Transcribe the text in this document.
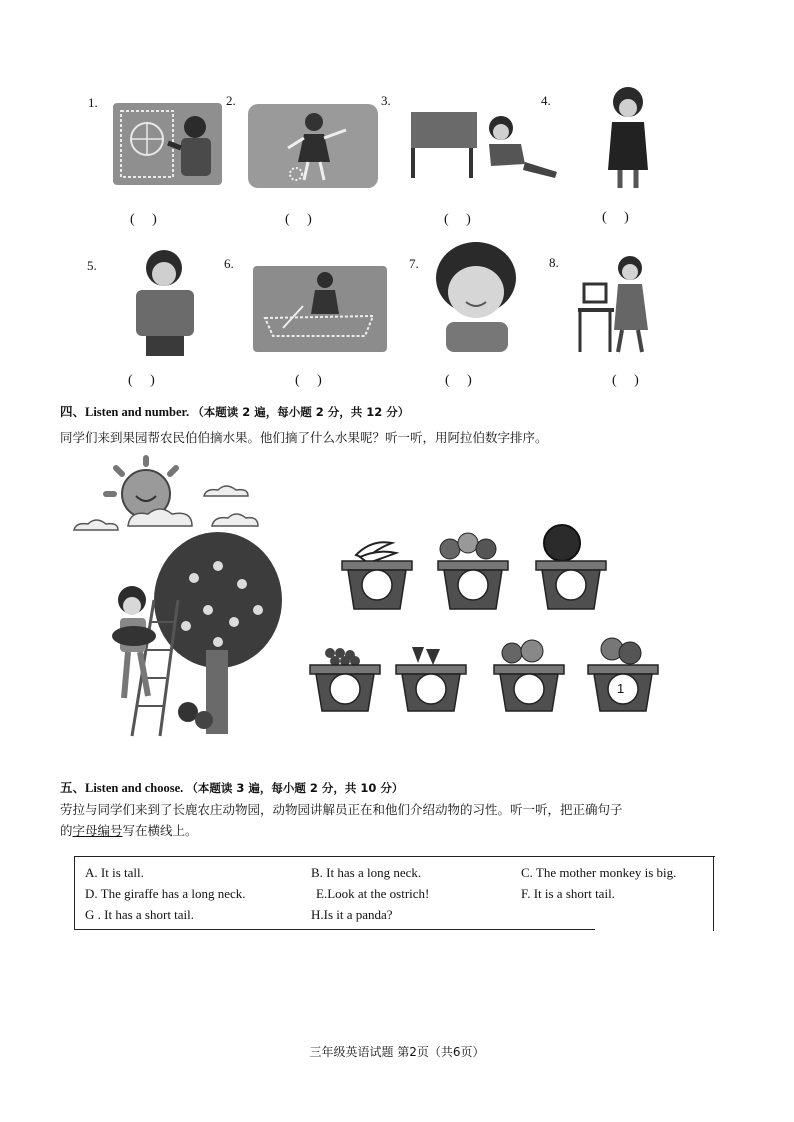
1.	2.	3.	4.
(     )	(     )	(     )	(     )
5.	6.	7.	8.
(     )	(     )	(     )	(     )
四、Listen and number. （本题读 2 遍，每小题 2 分，共 12 分）
同学们来到果园帮农民伯伯摘水果。他们摘了什么水果呢？听一听，用阿拉伯数字排序。
1
五、Listen and choose. （本题读 3 遍，每小题 2 分，共 10 分）
劳拉与同学们来到了长鹿农庄动物园，动物园讲解员正在和他们介绍动物的习性。听一听，把正确句子
的字母编号写在横线上。
A. It is tall.	B. It has a long neck.	C. The mother monkey is big.
D. The giraffe has a long neck.	E.Look at the ostrich!	F. It is a short tail.
G . It has a short tail.	H.Is it a panda?
三年级英语试题 第2页（共6页）
